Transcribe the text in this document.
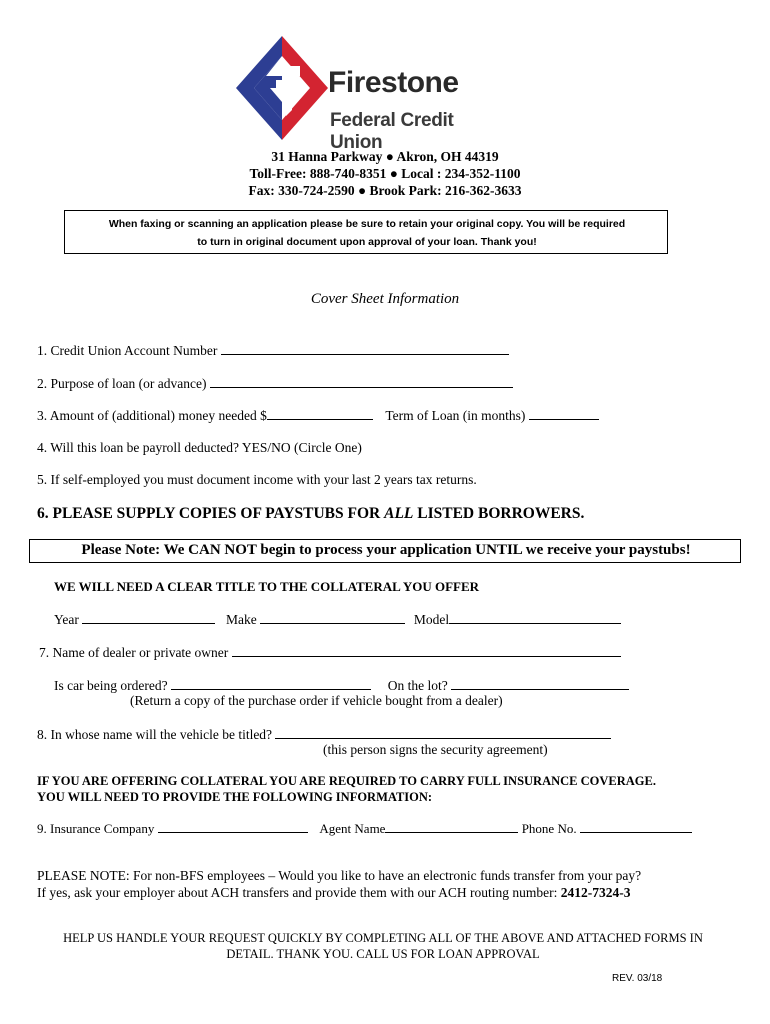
Firestone
Federal Credit Union
31 Hanna Parkway ● Akron, OH 44319
Toll-Free: 888-740-8351 ● Local : 234-352-1100
Fax: 330-724-2590 ● Brook Park: 216-362-3633
When faxing or scanning an application please be sure to retain your original copy. You will be required
to turn in original document upon approval of your loan. Thank you!
Cover Sheet Information
1. Credit Union Account Number
2. Purpose of loan (or advance)
3. Amount of (additional) money needed $	Term of Loan (in months)
4. Will this loan be payroll deducted? YES/NO (Circle One)
5. If self-employed you must document income with your last 2 years tax returns.
6. PLEASE SUPPLY COPIES OF PAYSTUBS FOR ALL LISTED BORROWERS.
Please Note: We CAN NOT begin to process your application UNTIL we receive your paystubs!
WE WILL NEED A CLEAR TITLE TO THE COLLATERAL YOU OFFER
Year	Make	Model
7. Name of dealer or private owner
Is car being ordered?	On the lot?
(Return a copy of the purchase order if vehicle bought from a dealer)
8. In whose name will the vehicle be titled?
(this person signs the security agreement)
IF YOU ARE OFFERING COLLATERAL YOU ARE REQUIRED TO CARRY FULL INSURANCE COVERAGE.
YOU WILL NEED TO PROVIDE THE FOLLOWING INFORMATION:
9. Insurance Company	Agent Name	Phone No.
PLEASE NOTE: For non-BFS employees – Would you like to have an electronic funds transfer from your pay?
If yes, ask your employer about ACH transfers and provide them with our ACH routing number: 2412-7324-3
HELP US HANDLE YOUR REQUEST QUICKLY BY COMPLETING ALL OF THE ABOVE AND ATTACHED FORMS IN
DETAIL. THANK YOU. CALL US FOR LOAN APPROVAL
REV. 03/18
